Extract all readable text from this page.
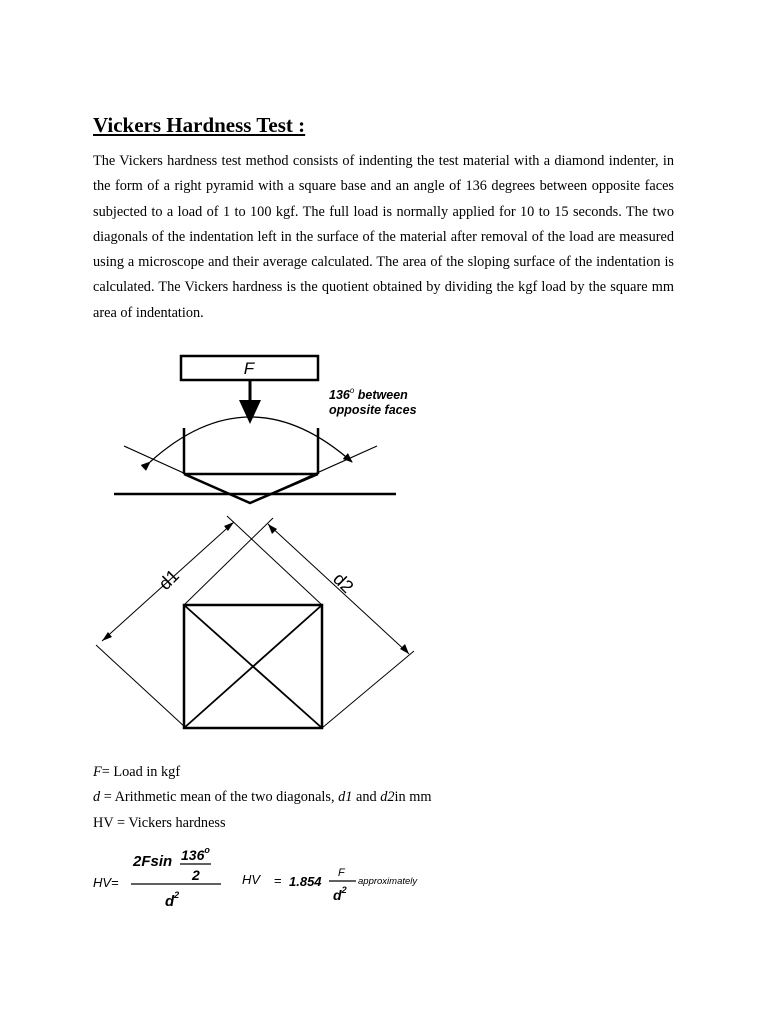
Vickers Hardness Test :

The Vickers hardness test method consists of indenting the test material with a diamond indenter, in the form of a right pyramid with a square base and an angle of 136 degrees between opposite faces subjected to a load of 1 to 100 kgf. The full load is normally applied for 10 to 15 seconds. The two diagonals of the indentation left in the surface of the material after removal of the load are measured using a microscope and their average calculated. The area of the sloping surface of the indentation is calculated. The Vickers hardness is the quotient obtained by dividing the kgf load by the square mm area of indentation.

F
136$^o$ between
opposite faces
d1	d2
HV=
2Fsin 136$^o$
2
$d^2$
HV = 1.854
F
$d^2$
approximately
F= Load in kgf
d = Arithmetic mean of the two diagonals, d1 and d2in mm
HV = Vickers hardness
